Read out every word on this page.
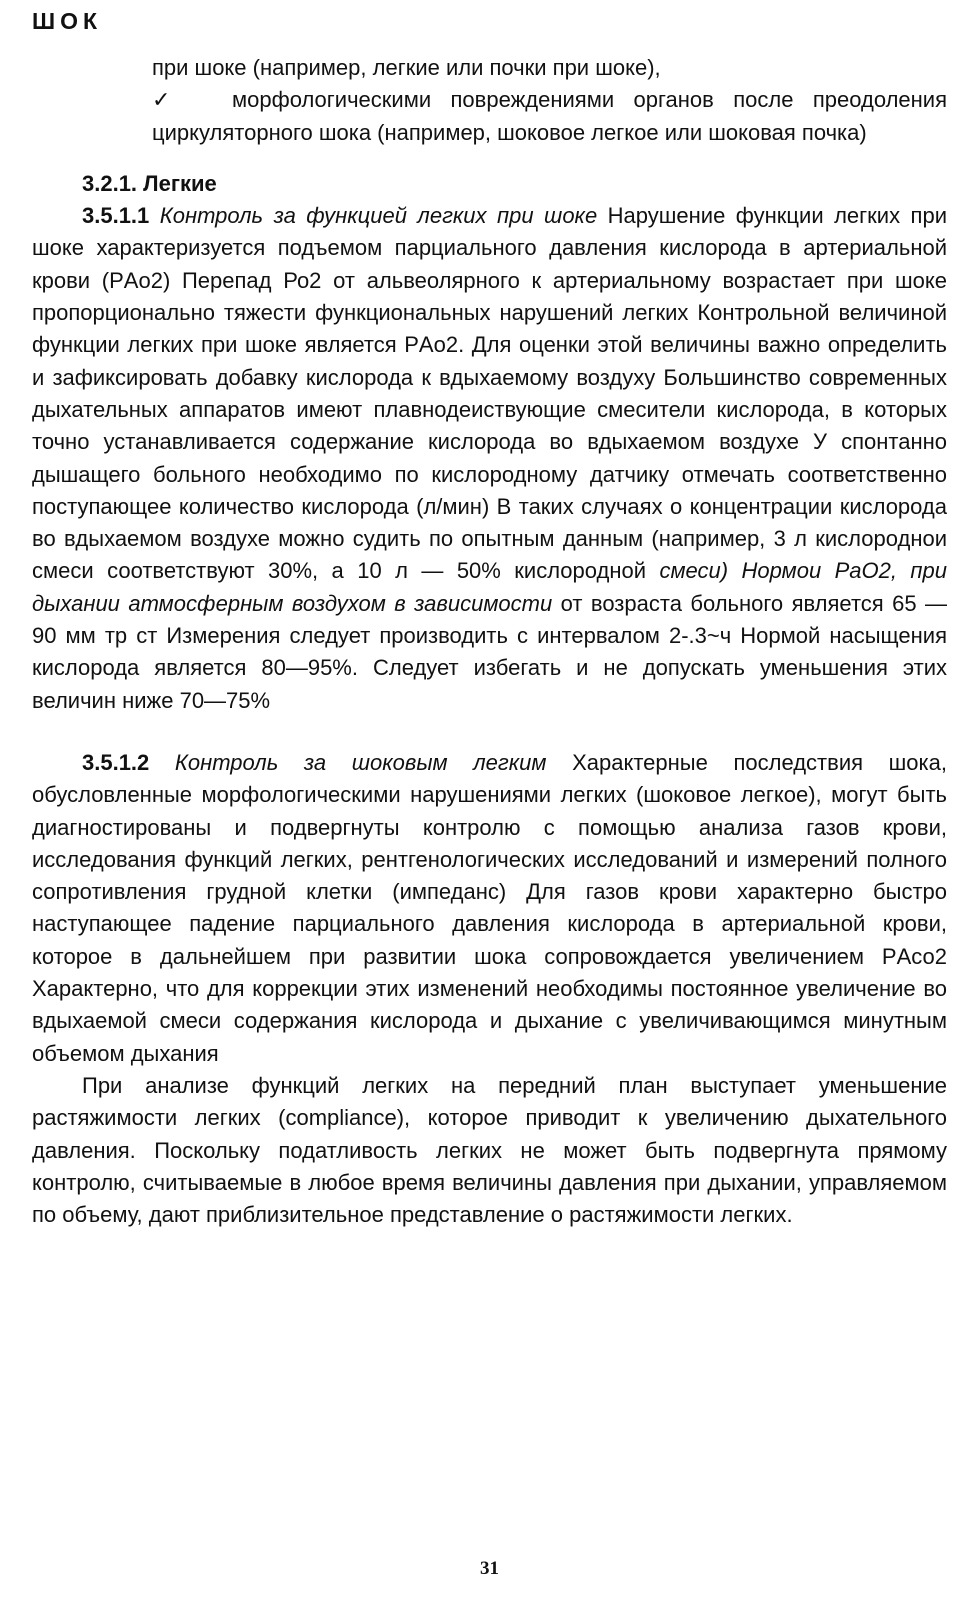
ШОК

при шоке (например, легкие или почки при шоке),

✓	морфологическими повреждениями органов после преодоления циркуляторного шока (например, шоковое легкое или шоковая почка)

3.2.1. Легкие

3.5.1.1 Контроль за функцией легких при шоке Нарушение функции легких при шоке характеризуется подъемом парциального давления кислорода в артериальной крови (PАо2) Перепад Ро2 от альвеолярного к артериальному возрастает при шоке пропорционально тяжести функциональных нарушений легких Контрольной величиной функции легких при шоке является PАо2. Для оценки этой величины важно определить и зафиксировать добавку кислорода к вдыхаемому воздуху Большинство современных дыхательных аппаратов имеют плавнодеиствующие смесители кислорода, в которых точно устанавливается содержание кислорода во вдыхаемом воздухе У спонтанно дышащего больного необходимо по кислородному датчику отмечать соответственно поступающее количество кислорода (л/мин) В таких случаях о концентрации кислорода во вдыхаемом воздухе можно судить по опытным данным (например, 3 л кислороднои смеси соответствуют 30%, а 10 л — 50% кислородной смеси) Нормои PaO2, при дыхании атмосферным воздухом в зависимости от возраста больного является 65 — 90 мм тр ст Измерения следует производить с интервалом 2-.3~ч Нормой насыщения кислорода является 80—95%. Следует избегать и не допускать уменьшения этих величин ниже 70—75%

3.5.1.2 Контроль за шоковым легким Характерные последствия шока, обусловленные морфологическими нарушениями легких (шоковое легкое), могут быть диагностированы и подвергнуты контролю с помощью анализа газов крови, исследования функций легких, рентгенологических исследований и измерений полного сопротивления грудной клетки (импеданс) Для газов крови характерно быстро наступающее падение парциального давления кислорода в артериальной крови, которое в дальнейшем при развитии шока сопровождается увеличением PАсо2 Характерно, что для коррекции этих изменений необходимы постоянное увеличение во вдыхаемой смеси содержания кислорода и дыхание с увеличивающимся минутным объемом дыхания

При анализе функций легких на передний план выступает уменьшение растяжимости легких (compliance), которое приводит к увеличению дыхательного давления. Поскольку податливость легких не может быть подвергнута прямому контролю, считываемые в любое время величины давления при дыхании, управляемом по объему, дают приблизительное представление о растяжимости легких.

31
